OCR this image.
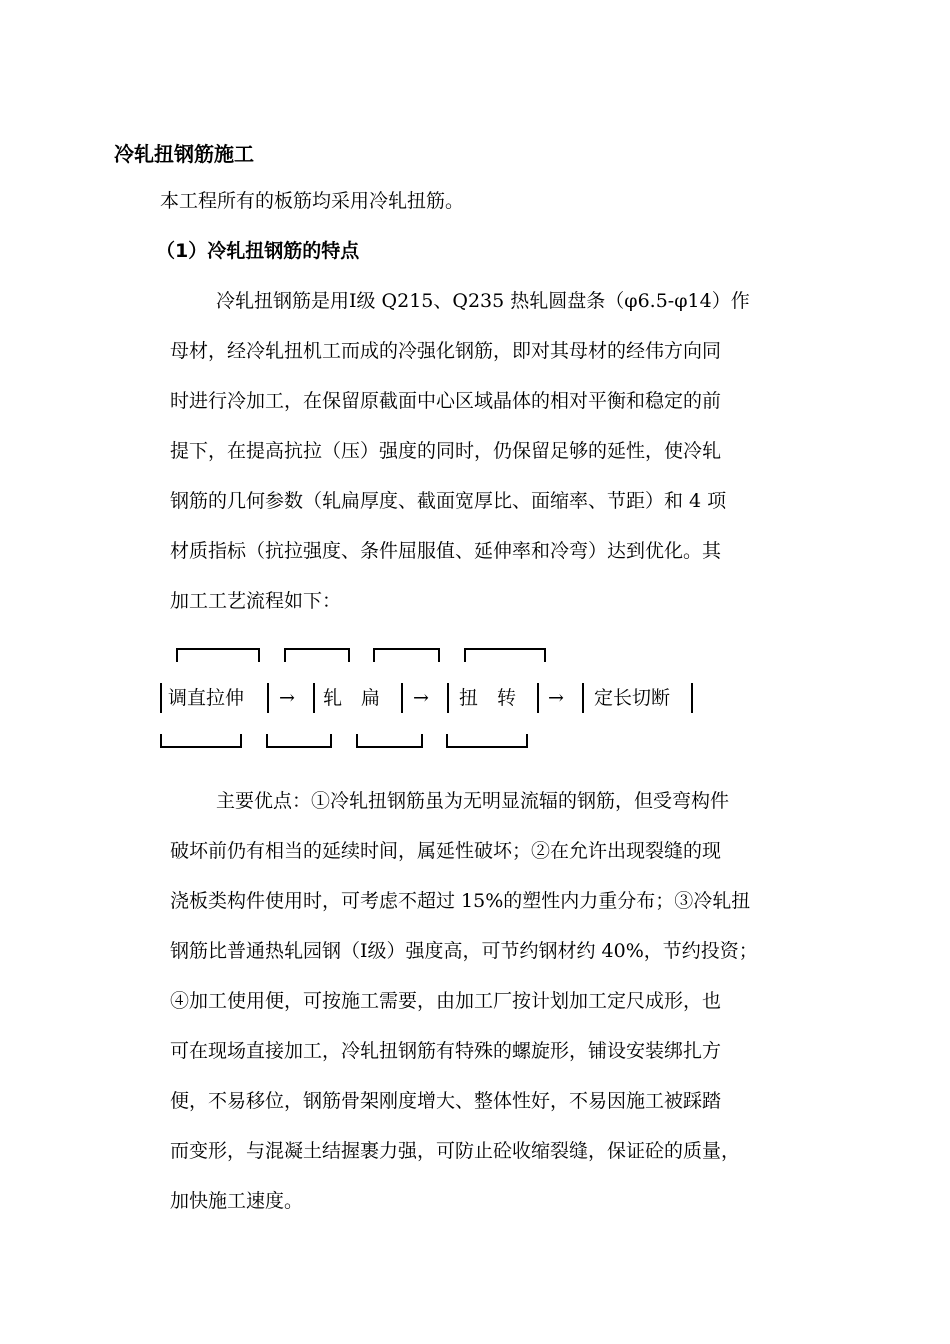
冷轧扭钢筋施工
本工程所有的板筋均采用冷轧扭筋。
（1）冷轧扭钢筋的特点
冷轧扭钢筋是用Ⅰ级 Q215、Q235 热轧圆盘条（φ6.5-φ14）作
母材，经冷轧扭机工而成的冷强化钢筋，即对其母材的经伟方向同
时进行冷加工，在保留原截面中心区域晶体的相对平衡和稳定的前
提下，在提高抗拉（压）强度的同时，仍保留足够的延性，使冷轧
钢筋的几何参数（轧扁厚度、截面宽厚比、面缩率、节距）和 4 项
材质指标（抗拉强度、条件屈服值、延伸率和冷弯）达到优化。其
加工工艺流程如下：
调直拉伸 → 轧　扁 → 扭　转 → 定长切断
主要优点：①冷轧扭钢筋虽为无明显流辐的钢筋，但受弯构件
破坏前仍有相当的延续时间，属延性破坏；②在允许出现裂缝的现
浇板类构件使用时，可考虑不超过 15%的塑性内力重分布；③冷轧扭
钢筋比普通热轧园钢（Ⅰ级）强度高，可节约钢材约 40%，节约投资；
④加工使用便，可按施工需要，由加工厂按计划加工定尺成形，也
可在现场直接加工，冷轧扭钢筋有特殊的螺旋形，铺设安装绑扎方
便，不易移位，钢筋骨架刚度增大、整体性好，不易因施工被踩踏
而变形，与混凝土结握裹力强，可防止砼收缩裂缝，保证砼的质量，
加快施工速度。
